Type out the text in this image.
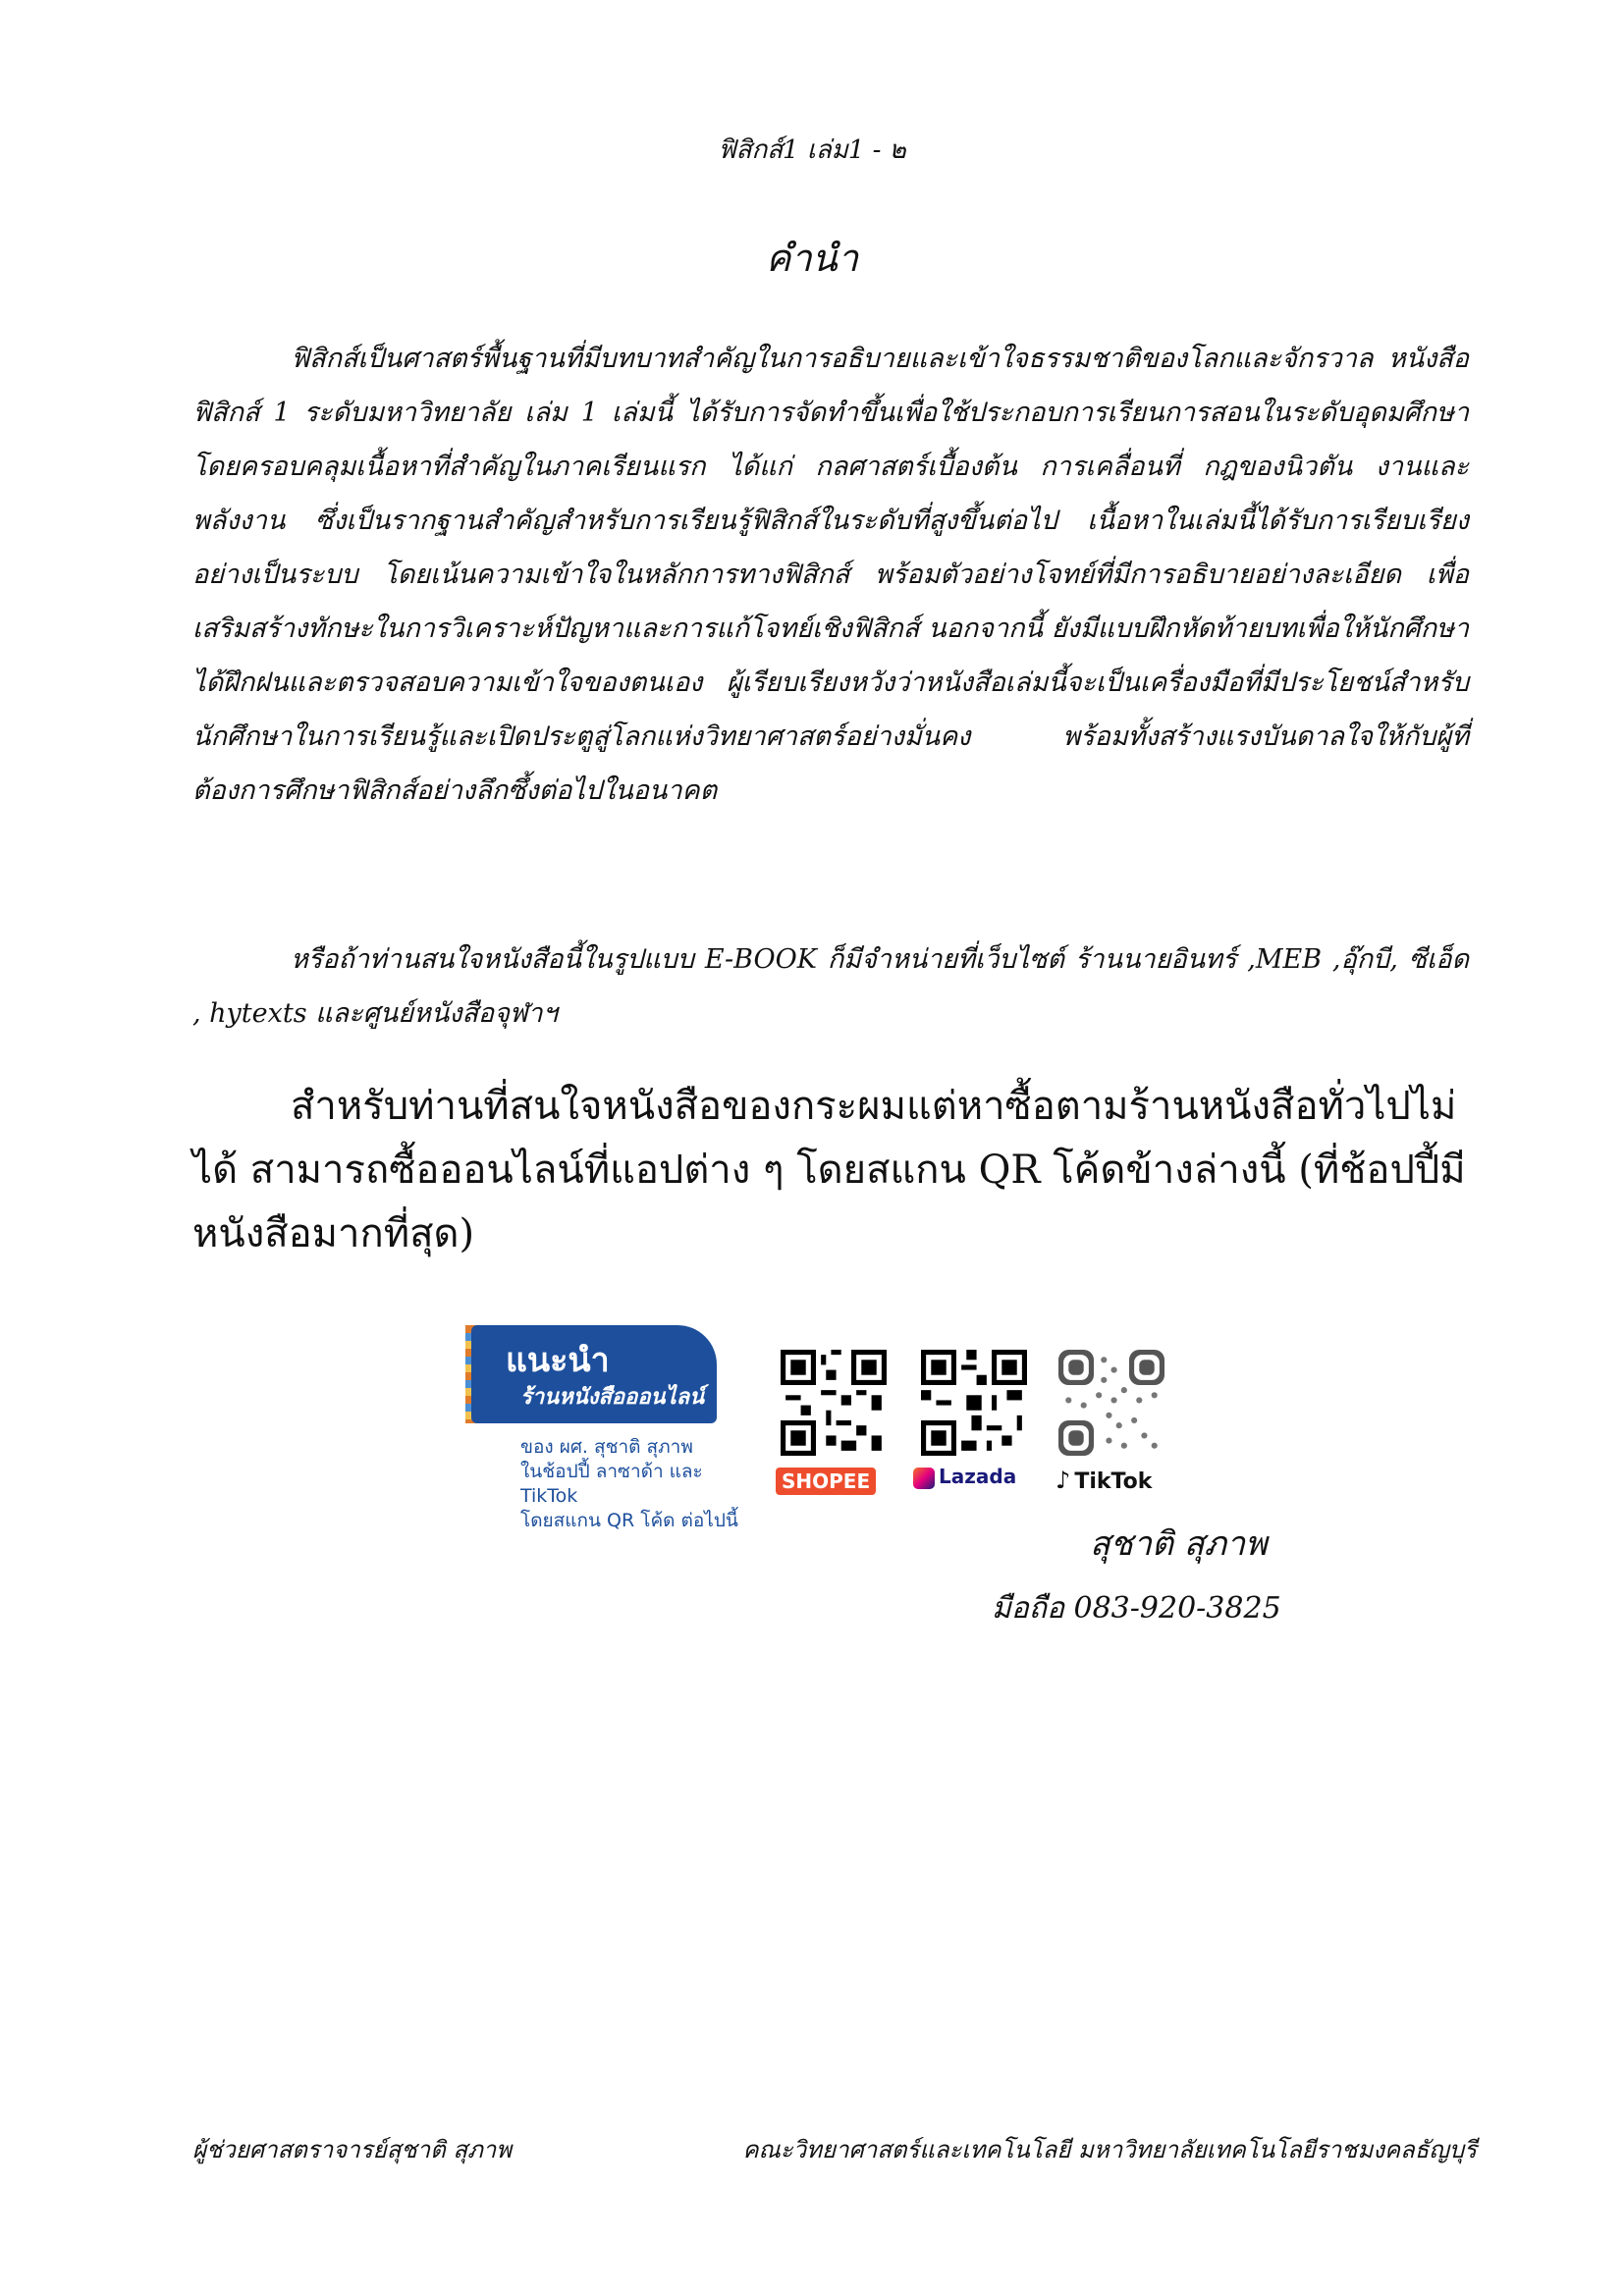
ฟิสิกส์1 เล่ม1 - ๒
คำนำ
ฟิสิกส์เป็นศาสตร์พื้นฐานที่มีบทบาทสำคัญในการอธิบายและเข้าใจธรรมชาติของโลกและจักรวาล หนังสือ ฟิสิกส์ 1 ระดับมหาวิทยาลัย เล่ม 1 เล่มนี้ ได้รับการจัดทำขึ้นเพื่อใช้ประกอบการเรียนการสอนในระดับอุดมศึกษา โดยครอบคลุมเนื้อหาที่สำคัญในภาคเรียนแรก ได้แก่ กลศาสตร์เบื้องต้น การเคลื่อนที่ กฎของนิวตัน งานและพลังงาน ซึ่งเป็นรากฐานสำคัญสำหรับการเรียนรู้ฟิสิกส์ในระดับที่สูงขึ้นต่อไป เนื้อหาในเล่มนี้ได้รับการเรียบเรียงอย่างเป็นระบบ โดยเน้นความเข้าใจในหลักการทางฟิสิกส์ พร้อมตัวอย่างโจทย์ที่มีการอธิบายอย่างละเอียด เพื่อเสริมสร้างทักษะในการวิเคราะห์ปัญหาและการแก้โจทย์เชิงฟิสิกส์ นอกจากนี้ ยังมีแบบฝึกหัดท้ายบทเพื่อให้นักศึกษาได้ฝึกฝนและตรวจสอบความเข้าใจของตนเอง ผู้เรียบเรียงหวังว่าหนังสือเล่มนี้จะเป็นเครื่องมือที่มีประโยชน์สำหรับนักศึกษาในการเรียนรู้และเปิดประตูสู่โลกแห่งวิทยาศาสตร์อย่างมั่นคง พร้อมทั้งสร้างแรงบันดาลใจให้กับผู้ที่ต้องการศึกษาฟิสิกส์อย่างลึกซึ้งต่อไปในอนาคต
หรือถ้าท่านสนใจหนังสือนี้ในรูปแบบ E-BOOK ก็มีจำหน่ายที่เว็บไซต์ ร้านนายอินทร์ ,MEB ,อุ๊กบี, ซีเอ็ด , hytexts และศูนย์หนังสือจุฬาฯ
สำหรับท่านที่สนใจหนังสือของกระผมแต่หาซื้อตามร้านหนังสือทั่วไปไม่ได้ สามารถซื้อออนไลน์ที่แอปต่าง ๆ โดยสแกน QR โค้ดข้างล่างนี้ (ที่ช้อปปี้มีหนังสือมากที่สุด)
แนะนำ
ร้านหนังสือออนไลน์
ของ ผศ. สุชาติ สุภาพ
ในช้อปปี้ ลาซาด้า และ TikTok
โดยสแกน QR โค้ด ต่อไปนี้
SHOPEE	Lazada ♪ TikTok
สุชาติ สุภาพ
มือถือ 083-920-3825
ผู้ช่วยศาสตราจารย์สุชาติ สุภาพ	คณะวิทยาศาสตร์และเทคโนโลยี มหาวิทยาลัยเทคโนโลยีราชมงคลธัญบุรี
